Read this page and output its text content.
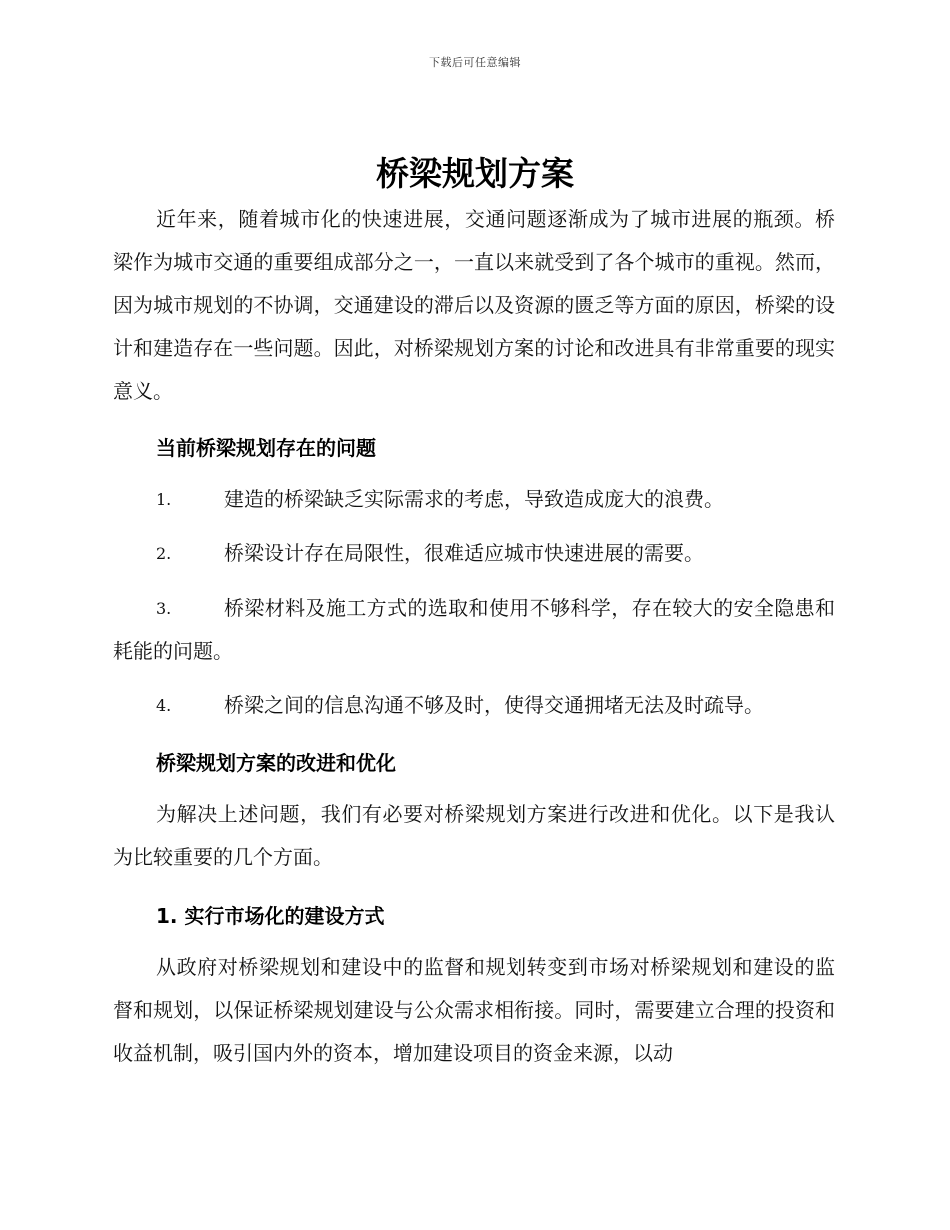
下载后可任意编辑
桥梁规划方案

近年来，随着城市化的快速进展，交通问题逐渐成为了城市进展的瓶颈。桥梁作为城市交通的重要组成部分之一，一直以来就受到了各个城市的重视。然而，因为城市规划的不协调，交通建设的滞后以及资源的匮乏等方面的原因，桥梁的设计和建造存在一些问题。因此，对桥梁规划方案的讨论和改进具有非常重要的现实意义。

当前桥梁规划存在的问题
1.	建造的桥梁缺乏实际需求的考虑，导致造成庞大的浪费。

2.	桥梁设计存在局限性，很难适应城市快速进展的需要。

3.	桥梁材料及施工方式的选取和使用不够科学，存在较大的安全隐患和耗能的问题。

4.	桥梁之间的信息沟通不够及时，使得交通拥堵无法及时疏导。

桥梁规划方案的改进和优化

为解决上述问题，我们有必要对桥梁规划方案进行改进和优化。以下是我认为比较重要的几个方面。

1. 实行市场化的建设方式

从政府对桥梁规划和建设中的监督和规划转变到市场对桥梁规划和建设的监督和规划，以保证桥梁规划建设与公众需求相衔接。同时，需要建立合理的投资和收益机制，吸引国内外的资本，增加建设项目的资金来源，以动
